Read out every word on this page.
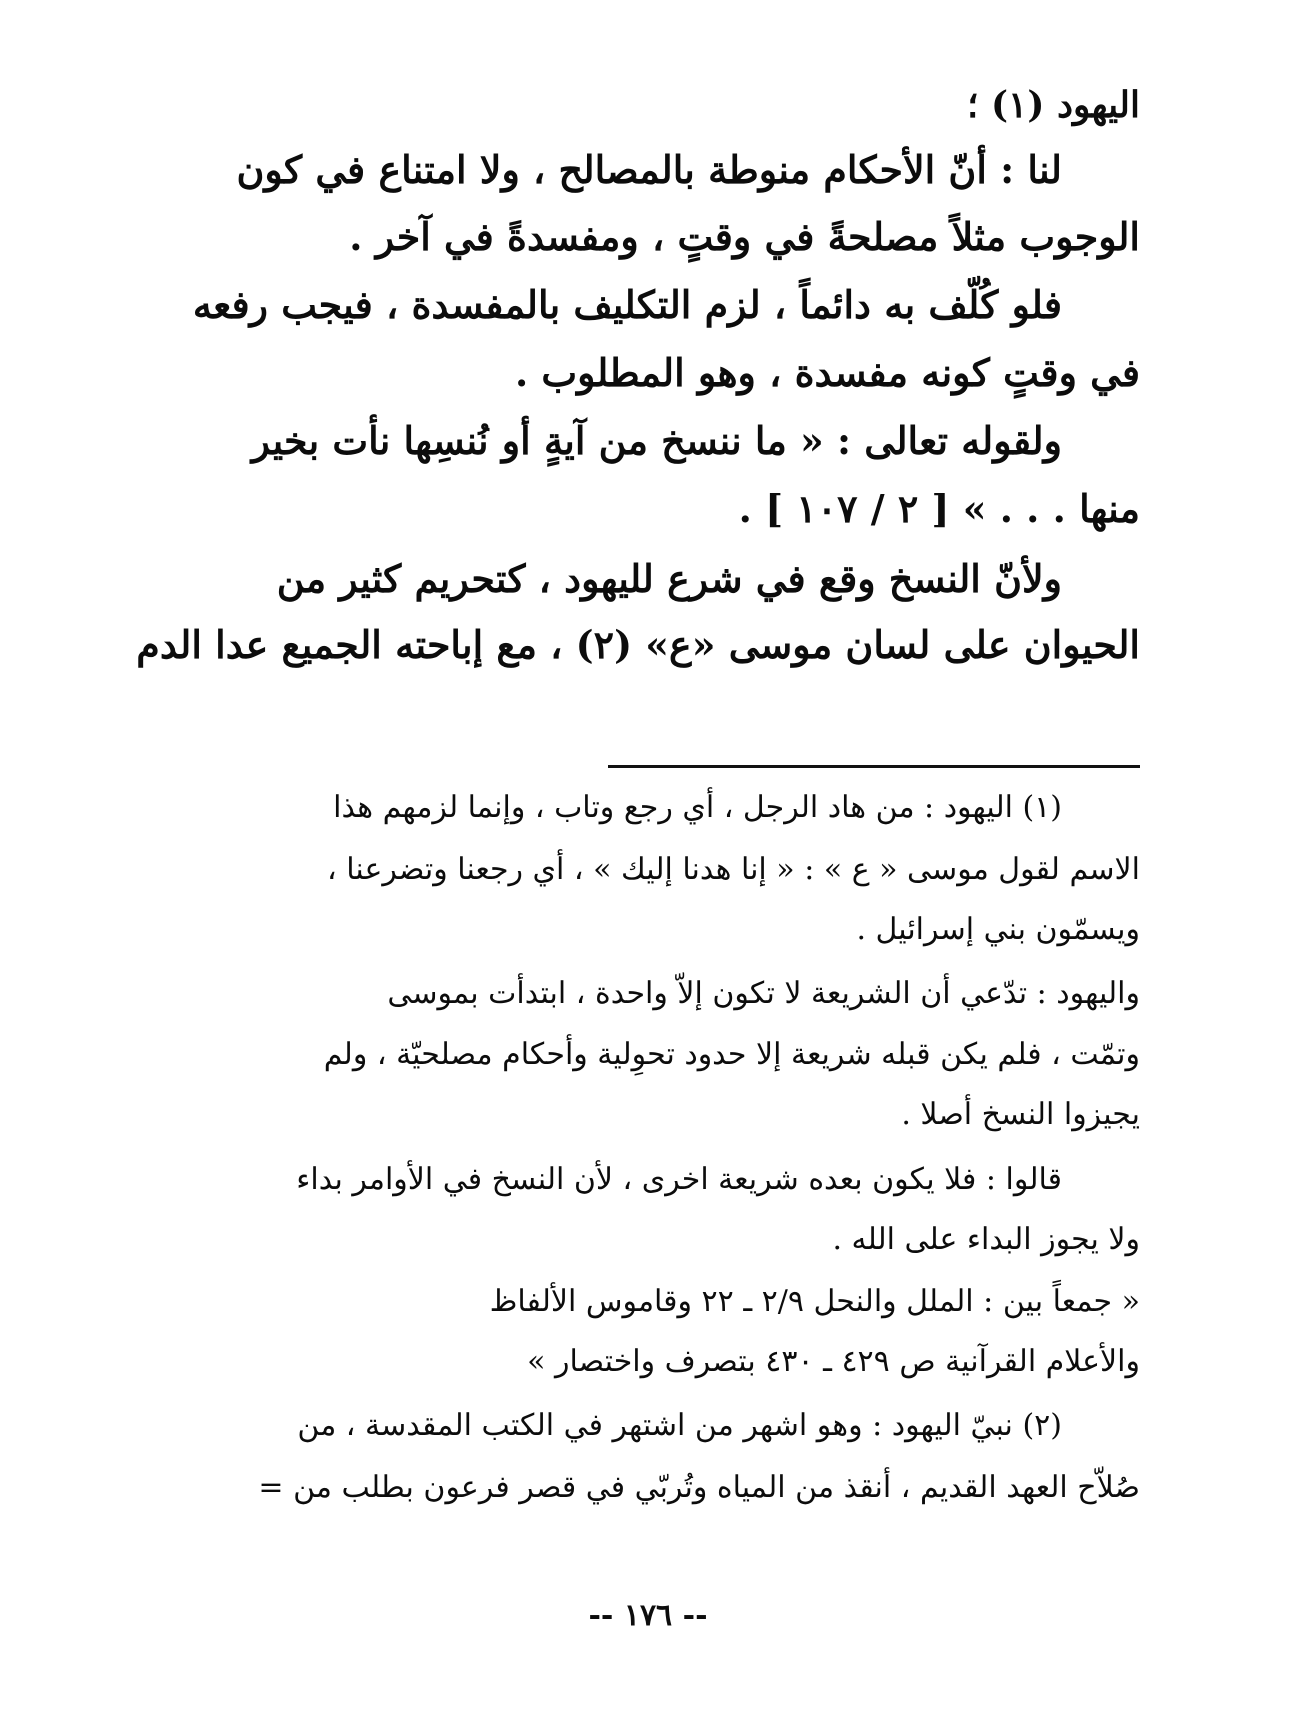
اليهود (١) ؛
لنا : أنّ الأحكام منوطة بالمصالح ، ولا امتناع في كون
الوجوب مثلاً مصلحةً في وقتٍ ، ومفسدةً في آخر .
فلو كُلّف به دائماً ، لزم التكليف بالمفسدة ، فيجب رفعه
في وقتٍ كونه مفسدة ، وهو المطلوب .
ولقوله تعالى : « ما ننسخ من آيةٍ أو نُنسِها نأت بخير
منها . . . » [ ٢ / ١٠٧ ] .
ولأنّ النسخ وقع في شرع لليهود ، كتحريم كثير من
الحيوان على لسان موسى «ع» (٢) ، مع إباحته الجميع عدا الدم
(١) اليهود : من هاد الرجل ، أي رجع وتاب ، وإنما لزمهم هذا
الاسم لقول موسى « ع » : « إنا هدنا إليك » ، أي رجعنا وتضرعنا ،
ويسمّون بني إسرائيل .
واليهود : تدّعي أن الشريعة لا تكون إلاّ واحدة ، ابتدأت بموسى
وتمّت ، فلم يكن قبله شريعة إلا حدود تحوِلية وأحكام مصلحيّة ، ولم
يجيزوا النسخ أصلا .
قالوا : فلا يكون بعده شريعة اخرى ، لأن النسخ في الأوامر بداء
ولا يجوز البداء على الله .
« جمعاً بين : الملل والنحل ٢/٩ ـ ٢٢ وقاموس الألفاظ
والأعلام القرآنية ص ٤٢٩ ـ ٤٣٠ بتصرف واختصار »
(٢) نبيّ اليهود : وهو اشهر من اشتهر في الكتب المقدسة ، من
صُلاّح العهد القديم ، أنقذ من المياه وتُربّي في قصر فرعون بطلب من =
-- ١٧٦ --
